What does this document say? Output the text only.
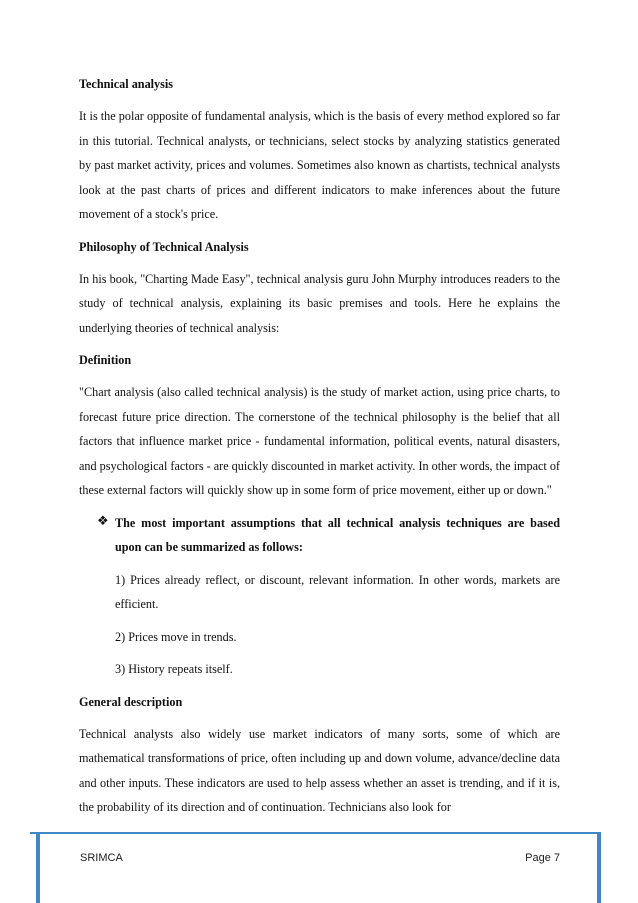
Technical analysis

It is the polar opposite of fundamental analysis, which is the basis of every method explored so far in this tutorial. Technical analysts, or technicians, select stocks by analyzing statistics generated by past market activity, prices and volumes. Sometimes also known as chartists, technical analysts look at the past charts of prices and different indicators to make inferences about the future movement of a stock's price.

Philosophy of Technical Analysis

In his book, "Charting Made Easy", technical analysis guru John Murphy introduces readers to the study of technical analysis, explaining its basic premises and tools. Here he explains the underlying theories of technical analysis:

Definition

"Chart analysis (also called technical analysis) is the study of market action, using price charts, to forecast future price direction. The cornerstone of the technical philosophy is the belief that all factors that influence market price - fundamental information, political events, natural disasters, and psychological factors - are quickly discounted in market activity. In other words, the impact of these external factors will quickly show up in some form of price movement, either up or down."

❖ The most important assumptions that all technical analysis techniques are based upon can be summarized as follows:
1) Prices already reflect, or discount, relevant information. In other words, markets are efficient.
2) Prices move in trends.
3) History repeats itself.
General description

Technical analysts also widely use market indicators of many sorts, some of which are mathematical transformations of price, often including up and down volume, advance/decline data and other inputs. These indicators are used to help assess whether an asset is trending, and if it is, the probability of its direction and of continuation. Technicians also look for

SRIMCA	Page 7
